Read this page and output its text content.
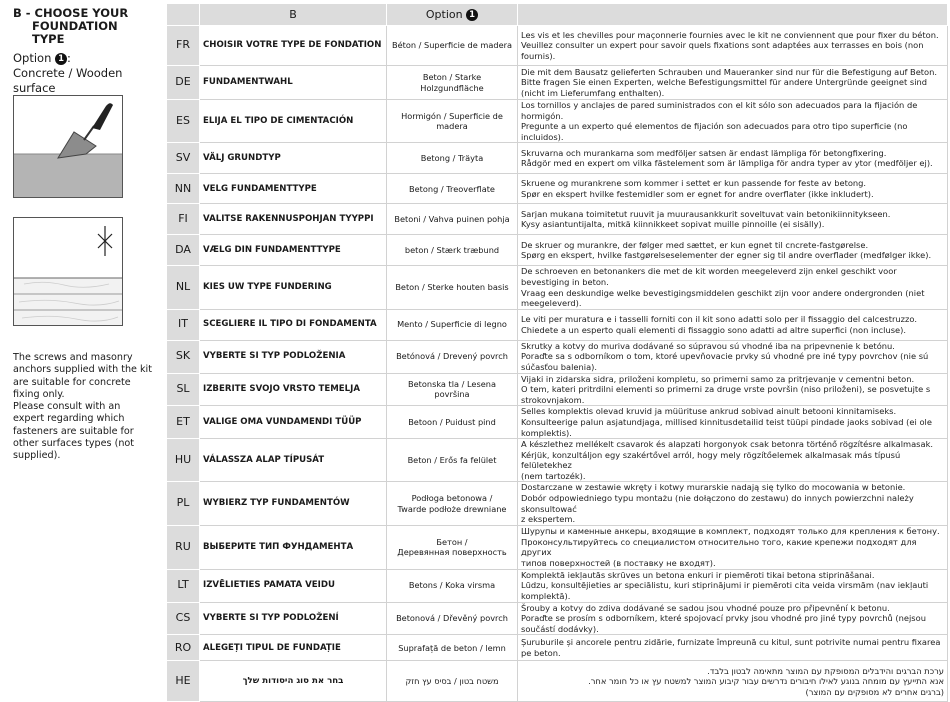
B - CHOOSE YOUR
FOUNDATION TYPE
Option 1 :
Concrete / Wooden surface

The screws and masonry anchors supplied with the kit are suitable for concrete fixing only.

Please consult with an expert regarding which fasteners are suitable for other surfaces types (not supplied).

	B	Option 1	
FR	CHOISIR VOTRE TYPE DE FONDATION	Béton / Superficie de madera	Les vis et les chevilles pour maçonnerie fournies avec le kit ne conviennent que pour fixer du béton.
Veuillez consulter un expert pour savoir quels fixations sont adaptées aux terrasses en bois (non fournis).
DE	FUNDAMENTWAHL	Beton / Starke Holzgundfläche	Die mit dem Bausatz gelieferten Schrauben und Maueranker sind nur für die Befestigung auf Beton.
Bitte fragen Sie einen Experten, welche Befestigungsmittel für andere Untergründe geeignet sind
(nicht im Lieferumfang enthalten).
ES	ELIJA EL TIPO DE CIMENTACIÓN	Hormigón / Superficie de madera	Los tornillos y anclajes de pared suministrados con el kit sólo son adecuados para la fijación de hormigón.
Pregunte a un experto qué elementos de fijación son adecuados para otro tipo superficie (no incluidos).
SV	VÄLJ GRUNDTYP	Betong / Träyta	Skruvarna och murankarna som medföljer satsen är endast lämpliga för betongfixering.
Rådgör med en expert om vilka fästelement som är lämpliga för andra typer av ytor (medföljer ej).
NN	VELG FUNDAMENTTYPE	Betong / Treoverflate	Skruene og murankrene som kommer i settet er kun passende for feste av betong.
Spør en ekspert hvilke festemidler som er egnet for andre overflater (ikke inkludert).
FI	VALITSE RAKENNUSPOHJAN TYYPPI	Betoni / Vahva puinen pohja	Sarjan mukana toimitetut ruuvit ja muurausankkurit soveltuvat vain betonikiinnitykseen.
Kysy asiantuntijalta, mitkä kiinnikkeet sopivat muille pinnoille (ei sisälly).
DA	VÆLG DIN FUNDAMENTTYPE	beton / Stærk træbund	De skruer og murankre, der følger med sættet, er kun egnet til cncrete-fastgørelse.
Spørg en ekspert, hvilke fastgørelseselementer der egner sig til andre overflader (medfølger ikke).
NL	KIES UW TYPE FUNDERING	Beton / Sterke houten basis	De schroeven en betonankers die met de kit worden meegeleverd zijn enkel geschikt voor bevestiging in beton.
Vraag een deskundige welke bevestigingsmiddelen geschikt zijn voor andere ondergronden (niet meegeleverd).
IT	SCEGLIERE IL TIPO DI FONDAMENTA	Mento / Superficie di legno	Le viti per muratura e i tasselli forniti con il kit sono adatti solo per il fissaggio del calcestruzzo.
Chiedete a un esperto quali elementi di fissaggio sono adatti ad altre superfici (non incluse).
SK	VYBERTE SI TYP PODLOŽENIA	Betónová / Drevený povrch	Skrutky a kotvy do muriva dodávané so súpravou sú vhodné iba na pripevnenie k betónu.
Poraďte sa s odborníkom o tom, ktoré upevňovacie prvky sú vhodné pre iné typy povrchov (nie sú súčasťou balenia).
SL	IZBERITE SVOJO VRSTO TEMELJA	Betonska tla / Lesena površina	Vijaki in zidarska sidra, priloženi kompletu, so primerni samo za pritrjevanje v cementni beton.
O tem, kateri pritrdilni elementi so primerni za druge vrste površin (niso priloženi), se posvetujte s strokovnjakom.
ET	VALIGE OMA VUNDAMENDI TÜÜP	Betoon / Puidust pind	Selles komplektis olevad kruvid ja müürituse ankrud sobivad ainult betooni kinnitamiseks.
Konsulteerige palun asjatundjaga, millised kinnitusdetailid teist tüüpi pindade jaoks sobivad (ei ole komplektis).
HU	VÁLASSZA ALAP TÍPUSÁT	Beton / Erős fa felület	A készlethez mellékelt csavarok és alapzati horgonyok csak betonra történő rögzítésre alkalmasak.
Kérjük, konzultáljon egy szakértővel arról, hogy mely rögzítőelemek alkalmasak más típusú felületekhez
(nem tartozék).
PL	WYBIERZ TYP FUNDAMENTÓW	Podłoga betonowa /
Twarde podłoże drewniane	Dostarczane w zestawie wkręty i kotwy murarskie nadają się tylko do mocowania w betonie.
Dobór odpowiedniego typu montażu (nie dołączono do zestawu) do innych powierzchni należy skonsultować
z ekspertem.
RU	ВЫБЕРИТЕ ТИП ФУНДАМЕНТА	Бетон /
Деревянная поверхность	Шурупы и каменные анкеры, входящие в комплект, подходят только для крепления к бетону.
Проконсультируйтесь со специалистом относительно того, какие крепежи подходят для других
типов поверхностей (в поставку не входят).
LT	IZVĒLIETIES PAMATA VEIDU	Betons / Koka virsma	Komplektā iekļautās skrūves un betona enkuri ir piemēroti tikai betona stiprināšanai.
Lūdzu, konsultējieties ar speciālistu, kuri stiprinājumi ir piemēroti cita veida virsmām (nav iekļauti komplektā).
CS	VYBERTE SI TYP PODLOŽENÍ	Betonová / Dřevěný povrch	Šrouby a kotvy do zdiva dodávané se sadou jsou vhodné pouze pro připevnění k betonu.
Poraďte se prosím s odborníkem, které spojovací prvky jsou vhodné pro jiné typy povrchů (nejsou součástí dodávky).
RO	ALEGEȚI TIPUL DE FUNDAȚIE	Suprafață de beton / lemn	Șuruburile și ancorele pentru zidărie, furnizate împreună cu kitul, sunt potrivite numai pentru fixarea pe beton.
HE	בחר את סוג היסודות שלך	משטח בטון / בסיס עץ חזק	ערכת הברגים והידבלים המסופקת עם המוצר מתאימה לבטון בלבד.
אנא התייעץ עם מומחה בנוגע לאילו חיבורים נדרשים עבור קיבוע המוצר למשטח עץ או כל חומר אחר.
(ברגים אחרים לא מסופקים עם המוצר)
